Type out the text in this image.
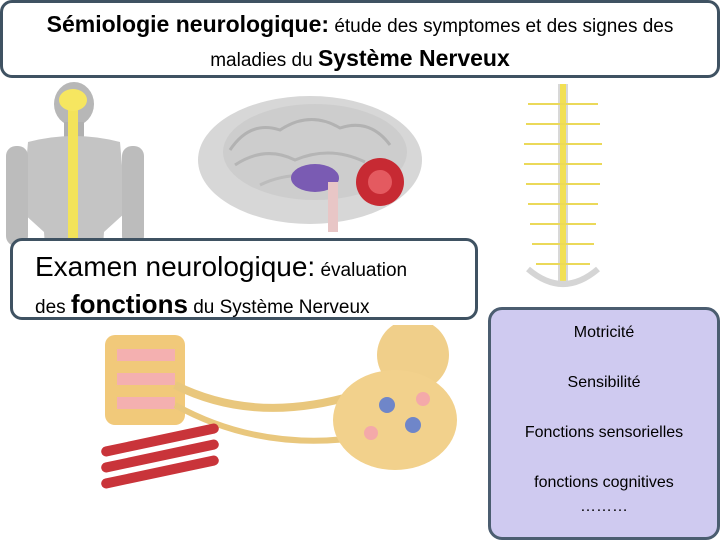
Sémiologie neurologique: étude des symptomes et des signes des
maladies du Système Nerveux
Examen neurologique: évaluation
des fonctions du Système Nerveux
Motricité
Sensibilité
Fonctions sensorielles
fonctions cognitives
………
